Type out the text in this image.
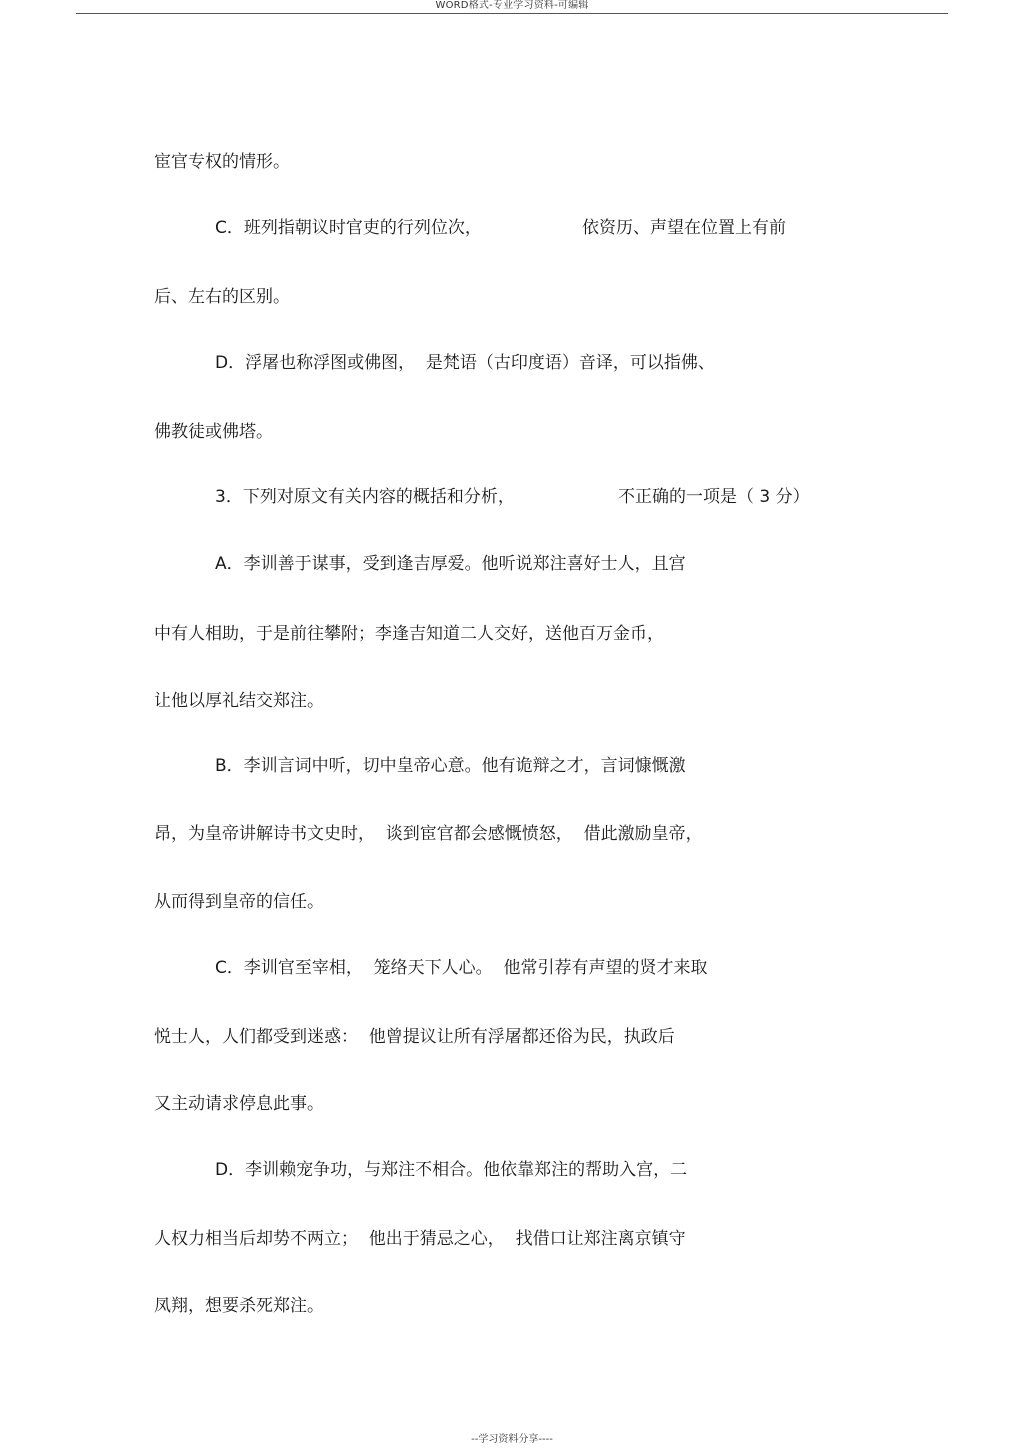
WORD格式-专业学习资料-可编辑
宦官专权的情形。
C．班列指朝议时官吏的行列位次，	依资历、声望在位置上有前
后、左右的区别。
D．浮屠也称浮图或佛图，  是梵语（古印度语）音译，可以指佛、
佛教徒或佛塔。
3．下列对原文有关内容的概括和分析，	不正确的一项是（ 3 分）
A．李训善于谋事，受到逢吉厚爱。他听说郑注喜好士人，且宫
中有人相助，于是前往攀附；李逢吉知道二人交好，送他百万金币，
让他以厚礼结交郑注。
B．李训言词中听，切中皇帝心意。他有诡辩之才，言词慷慨激
昂，为皇帝讲解诗书文史时，  谈到宦官都会感慨愤怒，  借此激励皇帝，
从而得到皇帝的信任。
C．李训官至宰相，  笼络天下人心。  他常引荐有声望的贤才来取
悦士人，人们都受到迷惑：  他曾提议让所有浮屠都还俗为民，执政后
又主动请求停息此事。
D．李训赖宠争功，与郑注不相合。他依靠郑注的帮助入宫，二
人权力相当后却势不两立；  他出于猜忌之心，  找借口让郑注离京镇守
凤翔，想要杀死郑注。
--学习资料分享----
